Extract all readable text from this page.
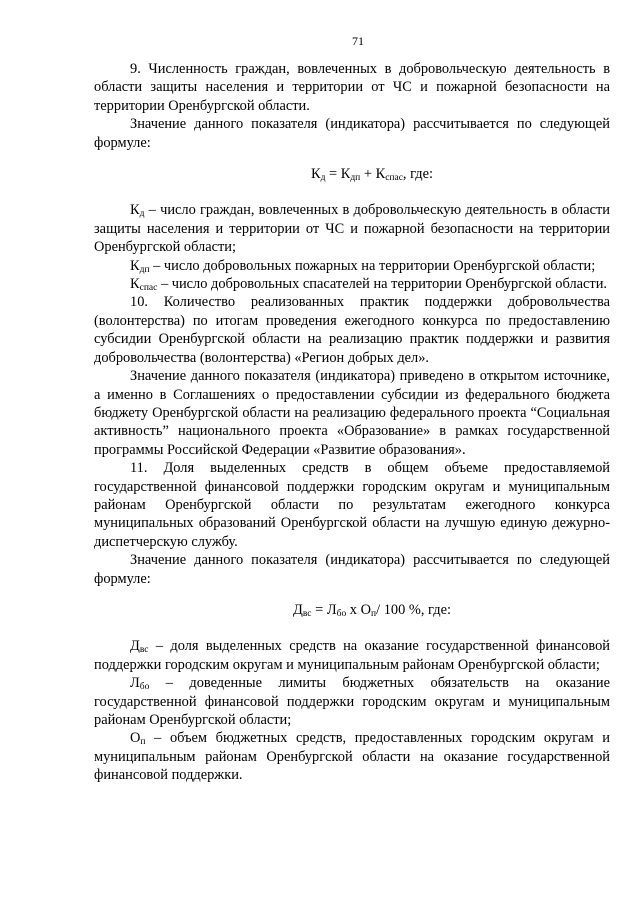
71

9. Численность граждан, вовлеченных в добровольческую деятельность в области защиты населения и территории от ЧС и пожарной безопасности на территории Оренбургской области.

Значение данного показателя (индикатора) рассчитывается по следующей формуле:

$К_д = К_{дп} + К_{спас}$, где:

$К_д$ – число граждан, вовлеченных в добровольческую деятельность в области защиты населения и территории от ЧС и пожарной безопасности на территории Оренбургской области;

$К_{дп}$ – число добровольных пожарных на территории Оренбургской области;

$К_{спас}$ – число добровольных спасателей на территории Оренбургской области.

10. Количество реализованных практик поддержки добровольчества (волонтерства) по итогам проведения ежегодного конкурса по предоставлению субсидии Оренбургской области на реализацию практик поддержки и развития добровольчества (волонтерства) «Регион добрых дел».

Значение данного показателя (индикатора) приведено в открытом источнике, а именно в Соглашениях о предоставлении субсидии из федерального бюджета бюджету Оренбургской области на реализацию федерального проекта “Социальная активность” национального проекта «Образование» в рамках государственной программы Российской Федерации «Развитие образования».

11. Доля выделенных средств в общем объеме предоставляемой государственной финансовой поддержки городским округам и муниципальным районам Оренбургской области по результатам ежегодного конкурса муниципальных образований Оренбургской области на лучшую единую дежурно-диспетчерскую службу.

Значение данного показателя (индикатора) рассчитывается по следующей формуле:

$Д_{вс} = Л_{бо}$ х $О_п/$ 100 %, где:

$Д_{вс}$ – доля выделенных средств на оказание государственной финансовой поддержки городским округам и муниципальным районам Оренбургской области;

$Л_{бо}$ – доведенные лимиты бюджетных обязательств на оказание государственной финансовой поддержки городским округам и муниципальным районам Оренбургской области;

$О_п$ – объем бюджетных средств, предоставленных городским округам и муниципальным районам Оренбургской области на оказание государственной финансовой поддержки.
